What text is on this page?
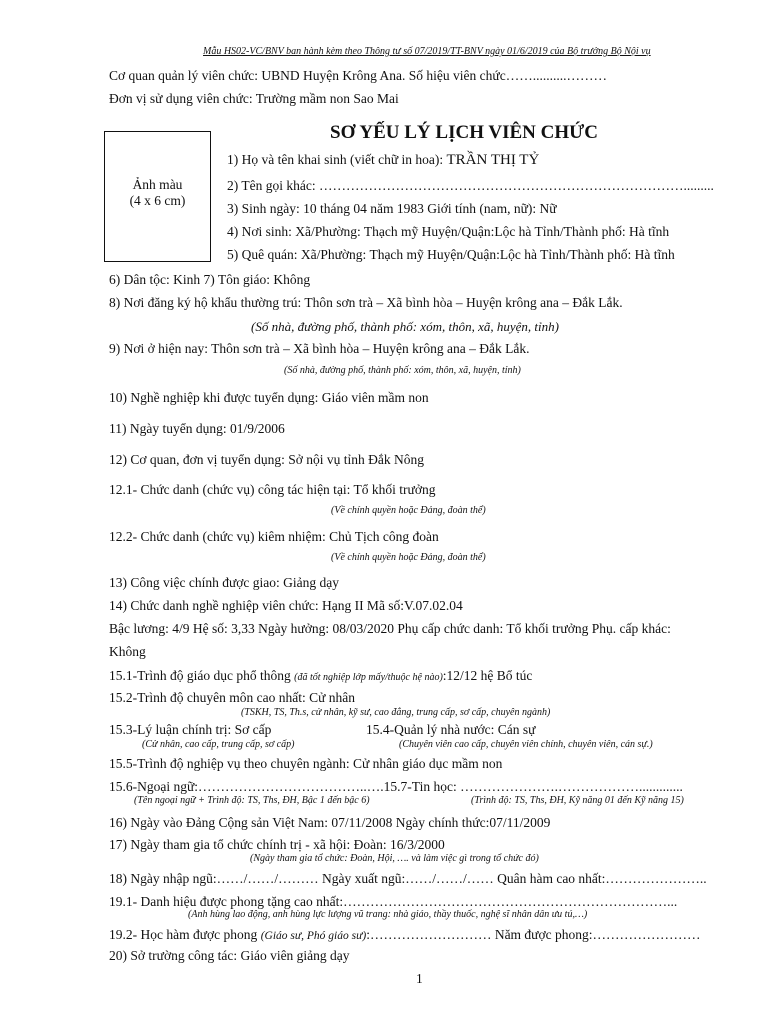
Mẫu HS02-VC/BNV ban hành kèm theo Thông tư số 07/2019/TT-BNV ngày 01/6/2019 của Bộ trưởng Bộ Nội vụ
Cơ quan quản lý viên chức: UBND Huyện Krông Ana. Số hiệu viên chức……..........………
Đơn vị sử dụng viên chức: Trường mầm non Sao Mai
SƠ YẾU LÝ LỊCH VIÊN CHỨC
Ảnh màu
(4 x 6 cm)
1) Họ và tên khai sinh (viết chữ in hoa): TRẦN THỊ TỶ
2) Tên gọi khác: ……………………………………………………………………….........
3) Sinh ngày: 10 tháng 04 năm 1983 Giới tính (nam, nữ): Nữ
4) Nơi sinh: Xã/Phường: Thạch mỹ Huyện/Quận:Lộc hà Tỉnh/Thành phố: Hà tĩnh
5) Quê quán: Xã/Phường: Thạch mỹ Huyện/Quận:Lộc hà Tỉnh/Thành phố: Hà tĩnh
6) Dân tộc: Kinh 7) Tôn giáo: Không
8) Nơi đăng ký hộ khẩu thường trú: Thôn sơn trà – Xã bình hòa – Huyện krông ana – Đắk Lắk.
(Số nhà, đường phố, thành phố: xóm, thôn, xã, huyện, tỉnh)
9) Nơi ở hiện nay: Thôn sơn trà – Xã bình hòa – Huyện krông ana – Đắk Lắk.
(Số nhà, đường phố, thành phố: xóm, thôn, xã, huyện, tỉnh)
10) Nghề nghiệp khi được tuyển dụng: Giáo viên mầm non
11) Ngày tuyển dụng: 01/9/2006
12) Cơ quan, đơn vị tuyển dụng: Sở nội vụ tỉnh Đắk Nông
12.1- Chức danh (chức vụ) công tác hiện tại: Tổ khối trưởng
(Về chính quyền hoặc Đảng, đoàn thể)
12.2- Chức danh (chức vụ) kiêm nhiệm: Chủ Tịch công đoàn
(Về chính quyền hoặc Đảng, đoàn thể)
13) Công việc chính được giao: Giảng dạy
14) Chức danh nghề nghiệp viên chức: Hạng II Mã số:V.07.02.04
Bậc lương: 4/9 Hệ số: 3,33 Ngày hưởng: 08/03/2020 Phụ cấp chức danh: Tổ khối trưởng Phụ. cấp khác:
Không
15.1-Trình độ giáo dục phổ thông (đã tốt nghiệp lớp mấy/thuộc hệ nào):12/12 hệ Bổ túc
15.2-Trình độ chuyên môn cao nhất: Cử nhân
(TSKH, TS, Th.s, cử nhân, kỹ sư, cao đẳng, trung cấp, sơ cấp, chuyên ngành)
15.3-Lý luận chính trị: Sơ cấp
(Cử nhân, cao cấp, trung cấp, sơ cấp)
15.4-Quản lý nhà nước: Cán sự
(Chuyên viên cao cấp, chuyên viên chính, chuyên viên, cán sự.)
15.5-Trình độ nghiệp vụ theo chuyên ngành: Cử nhân giáo dục mầm non
15.6-Ngoại ngữ:………………………………..….15.7-Tin học: ………………….……………….............
(Tên ngoại ngữ + Trình độ: TS, Ths, ĐH, Bậc 1 đến bậc 6)	(Trình độ: TS, Ths, ĐH, Kỹ năng 01 đến Kỹ năng 15)
16) Ngày vào Đảng Cộng sản Việt Nam: 07/11/2008 Ngày chính thức:07/11/2009
17) Ngày tham gia tổ chức chính trị - xã hội: Đoàn: 16/3/2000
(Ngày tham gia tổ chức: Đoàn, Hội, …. và làm việc gì trong tổ chức đó)
18) Ngày nhập ngũ:……/……/……… Ngày xuất ngũ:……/……/…… Quân hàm cao nhất:…………………..
19.1- Danh hiệu được phong tặng cao nhất:………………………………………………………………...
(Anh hùng lao động, anh hùng lực lượng vũ trang: nhà giáo, thầy thuốc, nghệ sĩ nhân dân ưu tú,…)
19.2- Học hàm được phong (Giáo sư, Phó giáo sư):……………………… Năm được phong:……………………
20) Sở trường công tác: Giáo viên giảng dạy
1
